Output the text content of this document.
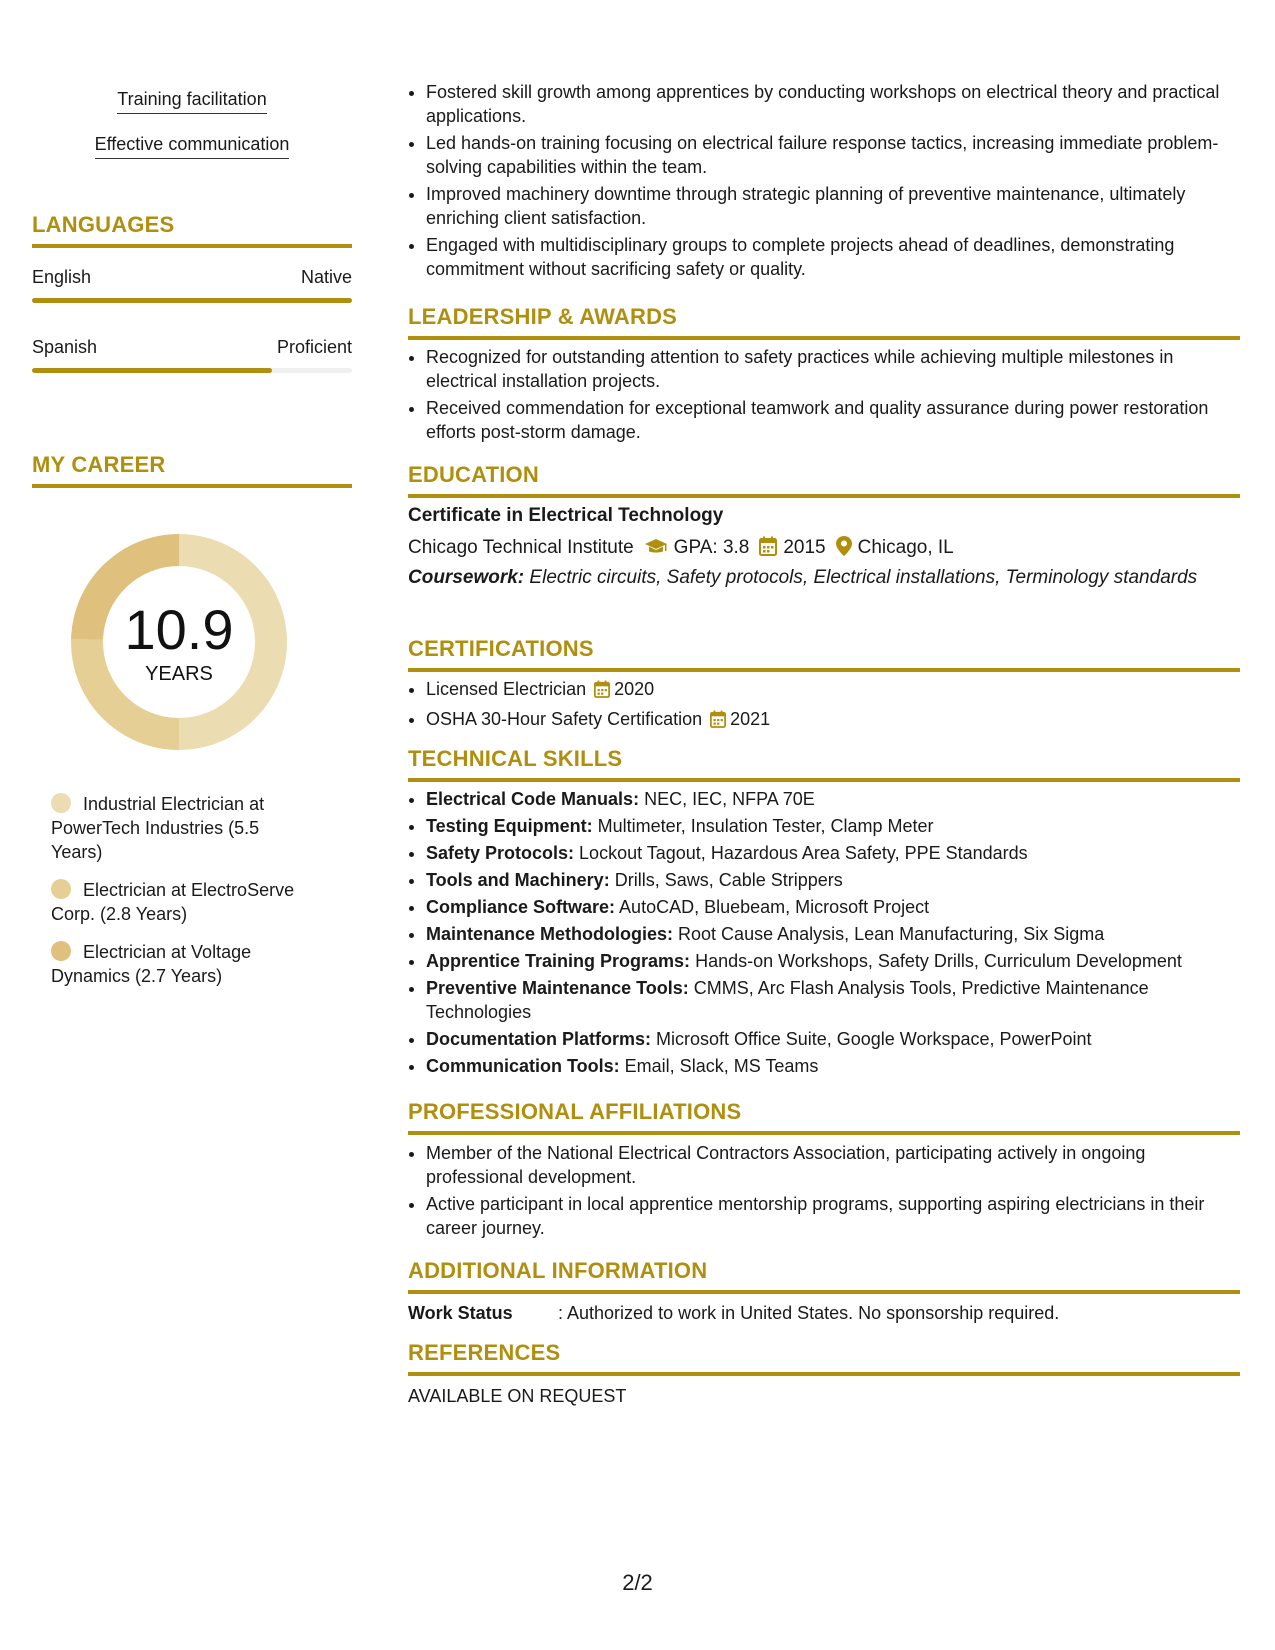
Training facilitation
Effective communication
LANGUAGES
English	Native
Spanish	Proficient
MY CAREER
10.9
YEARS
Industrial Electrician at PowerTech Industries (5.5 Years)
Electrician at ElectroServe Corp. (2.8 Years)
Electrician at Voltage Dynamics (2.7 Years)
• Fostered skill growth among apprentices by conducting workshops on electrical theory and practical applications.
• Led hands-on training focusing on electrical failure response tactics, increasing immediate problem-solving capabilities within the team.
• Improved machinery downtime through strategic planning of preventive maintenance, ultimately enriching client satisfaction.
• Engaged with multidisciplinary groups to complete projects ahead of deadlines, demonstrating commitment without sacrificing safety or quality.
LEADERSHIP & AWARDS
• Recognized for outstanding attention to safety practices while achieving multiple milestones in electrical installation projects.
• Received commendation for exceptional teamwork and quality assurance during power restoration efforts post-storm damage.
EDUCATION
Certificate in Electrical Technology
Chicago Technical Institute GPA: 3.8 2015 Chicago, IL
Coursework: Electric circuits, Safety protocols, Electrical installations, Terminology standards
CERTIFICATIONS
• Licensed Electrician 2020
• OSHA 30-Hour Safety Certification 2021
TECHNICAL SKILLS
• Electrical Code Manuals: NEC, IEC, NFPA 70E
• Testing Equipment: Multimeter, Insulation Tester, Clamp Meter
• Safety Protocols: Lockout Tagout, Hazardous Area Safety, PPE Standards
• Tools and Machinery: Drills, Saws, Cable Strippers
• Compliance Software: AutoCAD, Bluebeam, Microsoft Project
• Maintenance Methodologies: Root Cause Analysis, Lean Manufacturing, Six Sigma
• Apprentice Training Programs: Hands-on Workshops, Safety Drills, Curriculum Development
• Preventive Maintenance Tools: CMMS, Arc Flash Analysis Tools, Predictive Maintenance Technologies
• Documentation Platforms: Microsoft Office Suite, Google Workspace, PowerPoint
• Communication Tools: Email, Slack, MS Teams
PROFESSIONAL AFFILIATIONS
• Member of the National Electrical Contractors Association, participating actively in ongoing professional development.
• Active participant in local apprentice mentorship programs, supporting aspiring electricians in their career journey.
ADDITIONAL INFORMATION
Work Status	: Authorized to work in United States. No sponsorship required.
REFERENCES
AVAILABLE ON REQUEST
2/2
